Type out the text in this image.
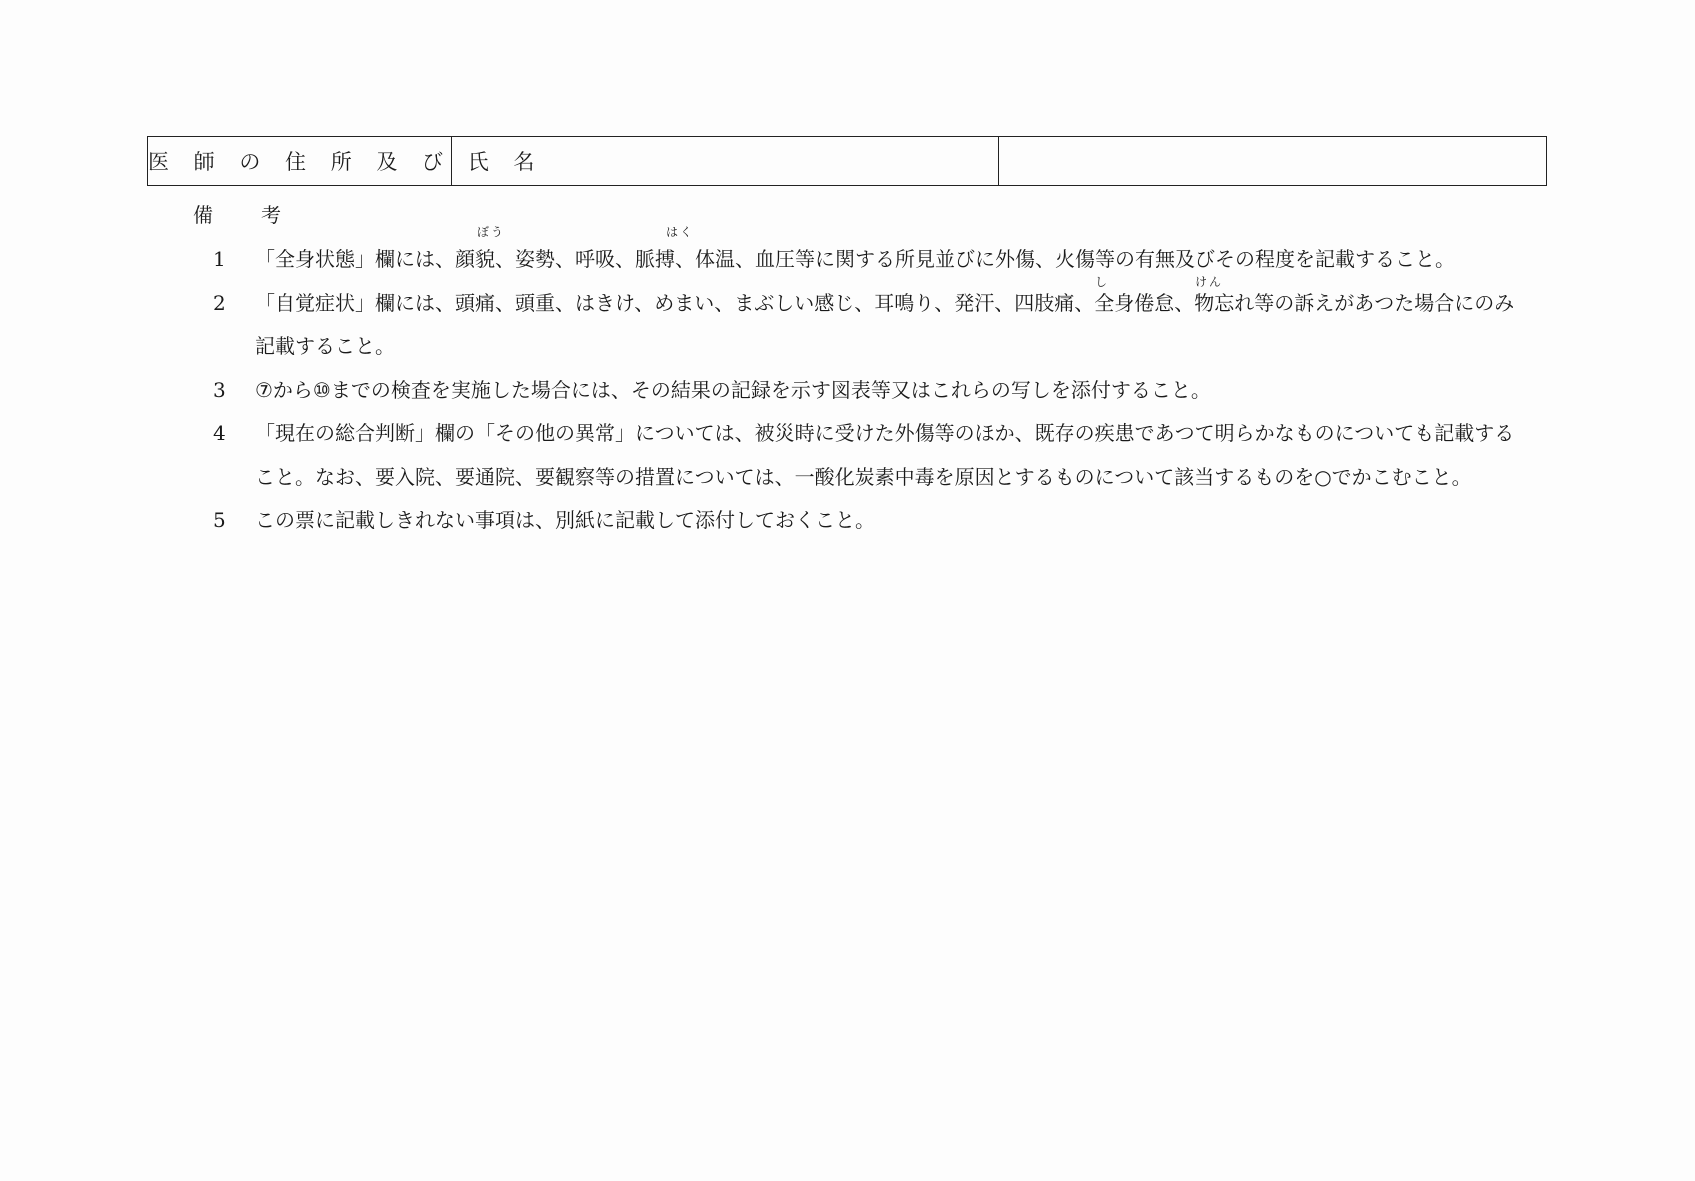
医 師 の 住 所 及 び 氏 名		
備　考
1	「全身状態」欄には、顔貌、姿勢、呼吸、脈搏、体温、血圧等に関する所見並びに外傷、火傷等の有無及びその程度を記載すること。
2	「自覚症状」欄には、頭痛、頭重、はきけ、めまい、まぶしい感じ、耳鳴り、発汗、四肢痛、全身倦怠、物忘れ等の訴えがあつた場合にのみ記載すること。
3	⑦から⑩までの検査を実施した場合には、その結果の記録を示す図表等又はこれらの写しを添付すること。
4	「現在の総合判断」欄の「その他の異常」については、被災時に受けた外傷等のほか、既存の疾患であつて明らかなものについても記載すること。なお、要入院、要通院、要観察等の措置については、一酸化炭素中毒を原因とするものについて該当するものを○でかこむこと。
5	この票に記載しきれない事項は、別紙に記載して添付しておくこと。
ぼう	はく
し	けん
